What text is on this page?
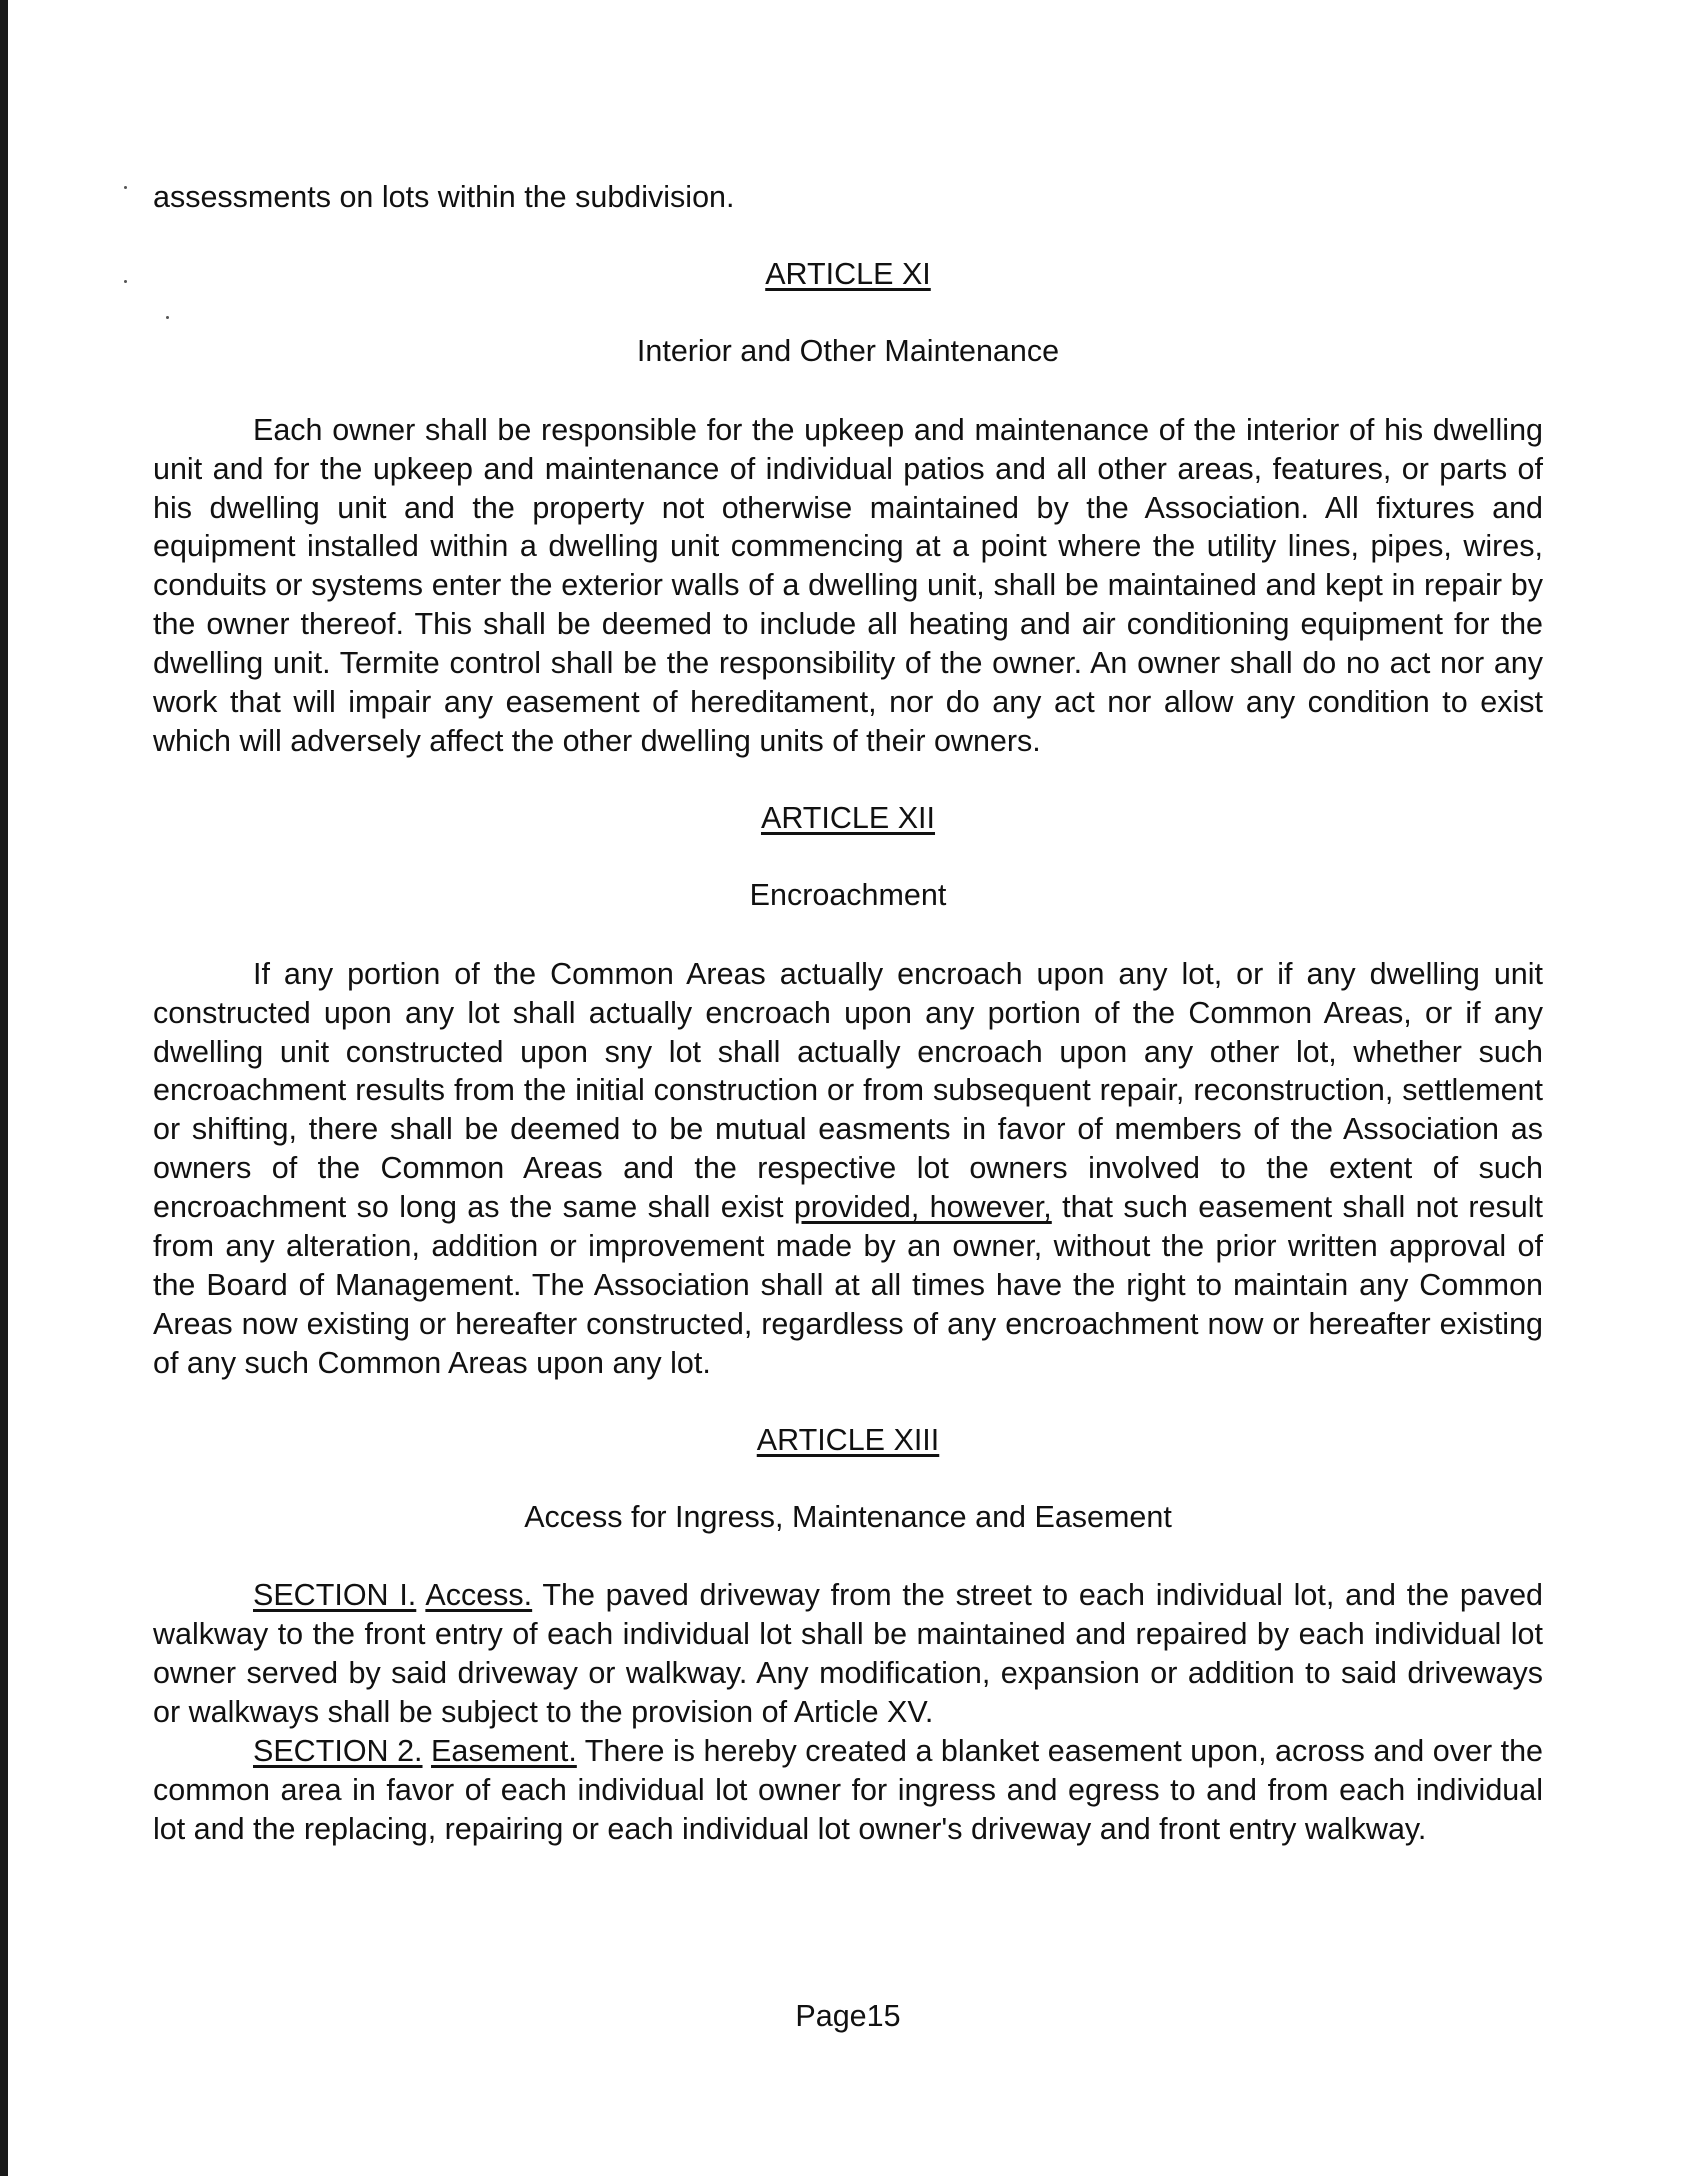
assessments on lots within the subdivision.

ARTICLE XI

Interior and Other Maintenance

Each owner shall be responsible for the upkeep and maintenance of the interior of his dwelling unit and for the upkeep and maintenance of individual patios and all other areas, features, or parts of his dwelling unit and the property not otherwise maintained by the Association. All fixtures and equipment installed within a dwelling unit commencing at a point where the utility lines, pipes, wires, conduits or systems enter the exterior walls of a dwelling unit, shall be maintained and kept in repair by the owner thereof. This shall be deemed to include all heating and air conditioning equipment for the dwelling unit. Termite control shall be the responsibility of the owner. An owner shall do no act nor any work that will impair any easement of hereditament, nor do any act nor allow any condition to exist which will adversely affect the other dwelling units of their owners.

ARTICLE XII

Encroachment

If any portion of the Common Areas actually encroach upon any lot, or if any dwelling unit constructed upon any lot shall actually encroach upon any portion of the Common Areas, or if any dwelling unit constructed upon sny lot shall actually encroach upon any other lot, whether such encroachment results from the initial construction or from subsequent repair, reconstruction, settlement or shifting, there shall be deemed to be mutual easments in favor of members of the Association as owners of the Common Areas and the respective lot owners involved to the extent of such encroachment so long as the same shall exist provided, however, that such easement shall not result from any alteration, addition or improvement made by an owner, without the prior written approval of the Board of Management. The Association shall at all times have the right to maintain any Common Areas now existing or hereafter constructed, regardless of any encroachment now or hereafter existing of any such Common Areas upon any lot.

ARTICLE XIII

Access for Ingress, Maintenance and Easement

SECTION I. Access. The paved driveway from the street to each individual lot, and the paved walkway to the front entry of each individual lot shall be maintained and repaired by each individual lot owner served by said driveway or walkway. Any modification, expansion or addition to said driveways or walkways shall be subject to the provision of Article XV.

SECTION 2. Easement. There is hereby created a blanket easement upon, across and over the common area in favor of each individual lot owner for ingress and egress to and from each individual lot and the replacing, repairing or each individual lot owner's driveway and front entry walkway.

Page15
